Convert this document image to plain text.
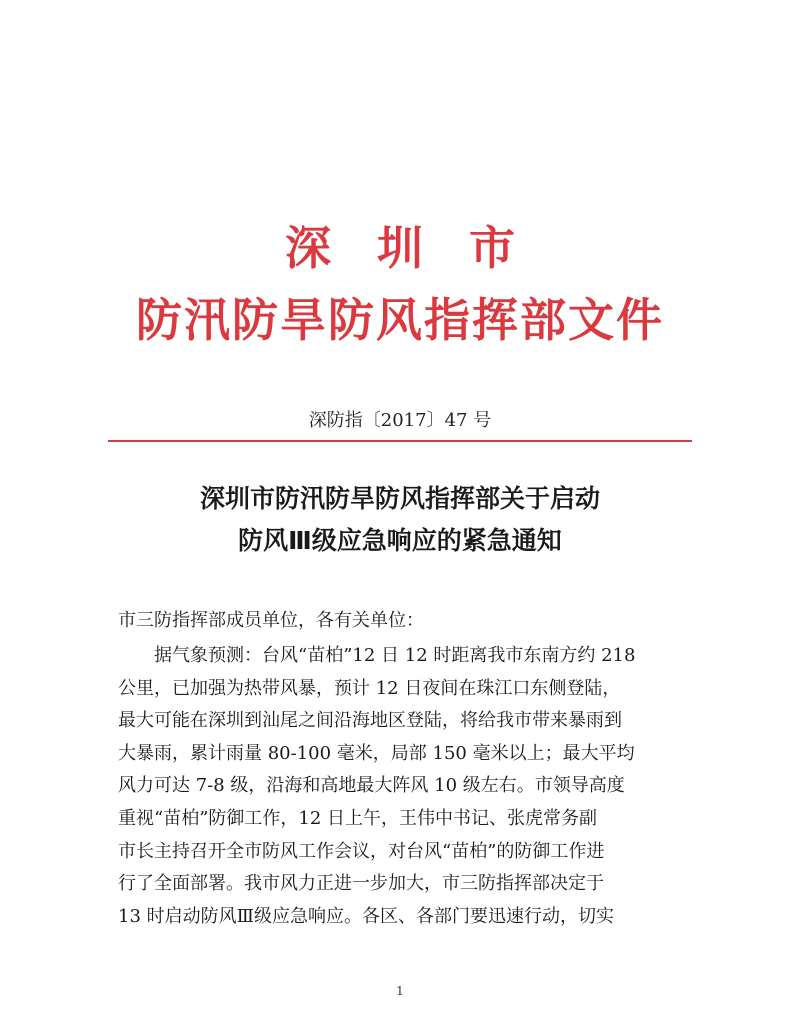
深圳市
防汛防旱防风指挥部文件
深防指〔2017〕47 号
深圳市防汛防旱防风指挥部关于启动
防风Ⅲ级应急响应的紧急通知
市三防指挥部成员单位，各有关单位：
据气象预测：台风“苗柏”12 日 12 时距离我市东南方约 218
公里，已加强为热带风暴，预计 12 日夜间在珠江口东侧登陆，
最大可能在深圳到汕尾之间沿海地区登陆，将给我市带来暴雨到
大暴雨，累计雨量 80-100 毫米，局部 150 毫米以上；最大平均
风力可达 7-8 级，沿海和高地最大阵风 10 级左右。市领导高度
重视“苗柏”防御工作，12 日上午，王伟中书记、张虎常务副
市长主持召开全市防风工作会议，对台风“苗柏”的防御工作进
行了全面部署。我市风力正进一步加大，市三防指挥部决定于
13 时启动防风Ⅲ级应急响应。各区、各部门要迅速行动，切实
1
